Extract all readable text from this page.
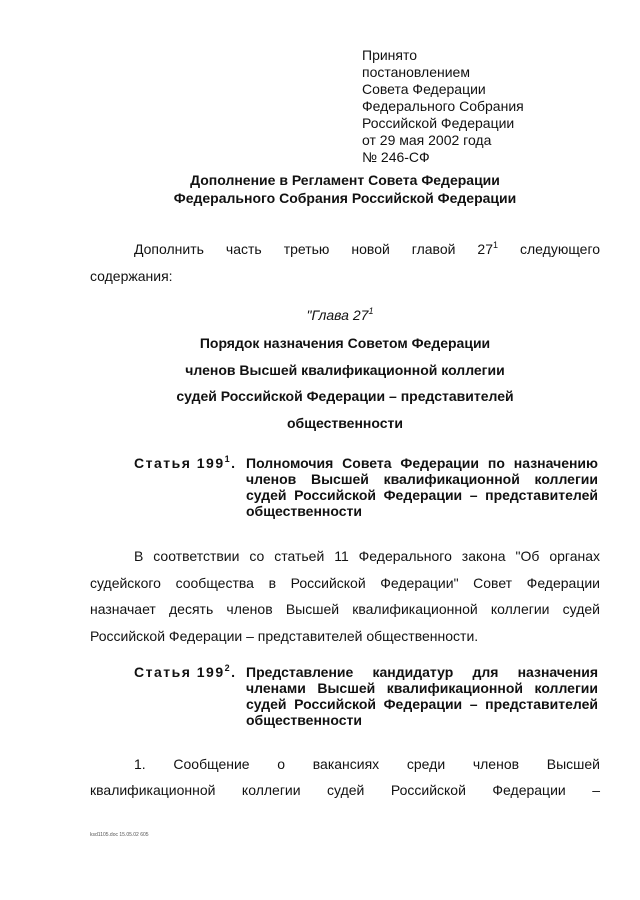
Принято
постановлением
Совета Федерации
Федерального Собрания
Российской Федерации
от 29 мая 2002 года
№ 246-СФ
Дополнение в Регламент Совета Федерации
Федерального Собрания Российской Федерации
Дополнить часть третью новой главой $27^1$ следующего
содержания:
"Глава $27^1$
Порядок назначения Советом Федерации
членов Высшей квалификационной коллегии
судей Российской Федерации – представителей
общественности
Статья $199^1$. Полномочия Совета Федерации по назначению
членов Высшей квалификационной коллегии
судей Российской Федерации – представителей
общественности
В соответствии со статьей 11 Федерального закона "Об органах
судейского сообщества в Российской Федерации" Совет Федерации
назначает десять членов Высшей квалификационной коллегии судей
Российской Федерации – представителей общественности.
Статья $199^2$. Представление кандидатур для назначения
членами Высшей квалификационной коллегии
судей Российской Федерации – представителей
общественности
1. Сообщение о вакансиях среди членов Высшей
квалификационной коллегии судей Российской Федерации –
ksd1105.doc 15.05.02 605
